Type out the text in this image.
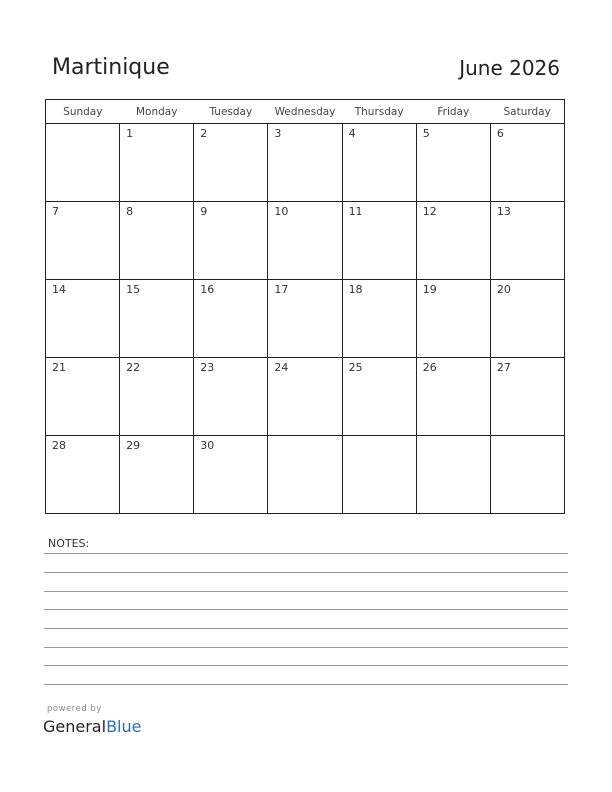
Martinique	June 2026
Sunday	Monday	Tuesday	Wednesday	Thursday	Friday	Saturday

	1	2	3	4	5	6

7	8	9	10	11	12	13

14	15	16	17	18	19	20

21	22	23	24	25	26	27

28	29	30				

NOTES:
powered by
GeneralBlue
